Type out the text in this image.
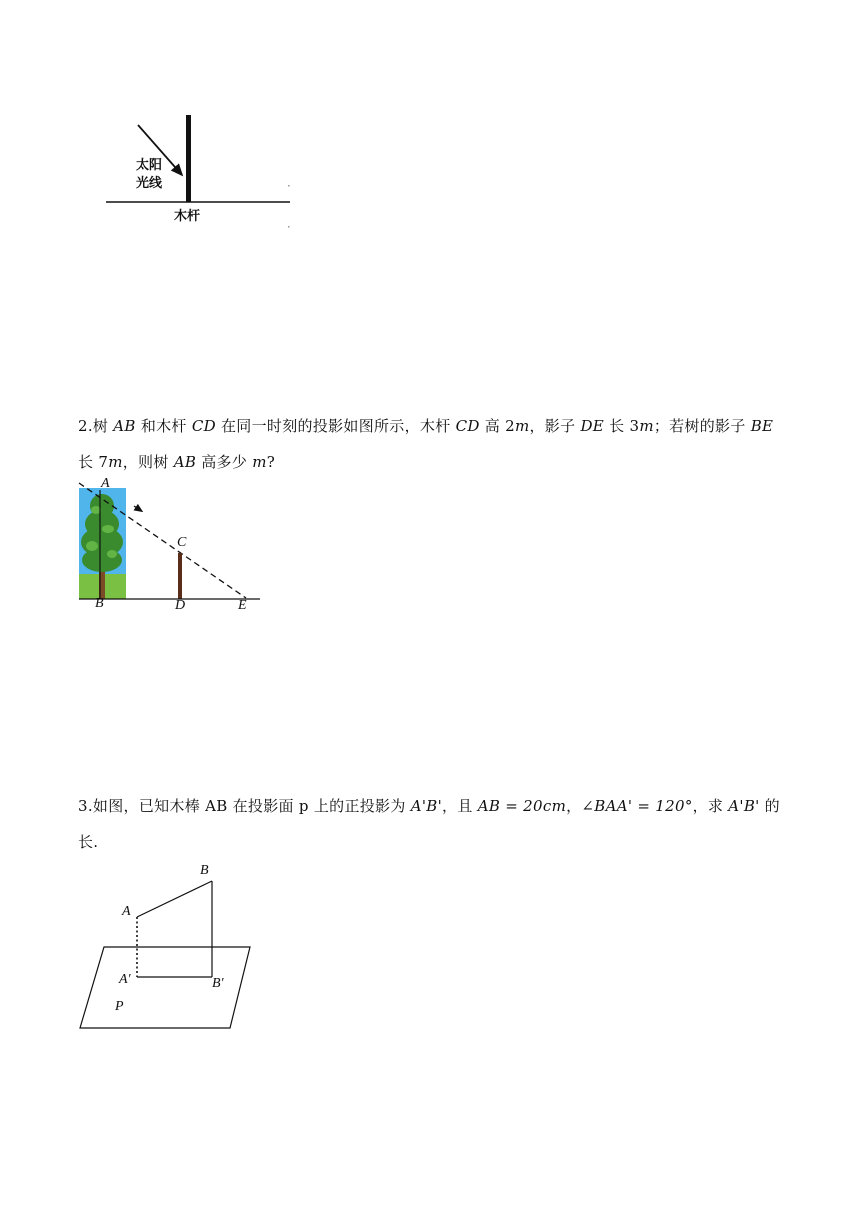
太阳
光线
木杆
2.树 AB 和木杆 CD 在同一时刻的投影如图所示，木杆 CD 高 2m，影子 DE 长 3m；若树的影子 BE
长 7m，则树 AB 高多少 m?
A
B
C
D	E
3.如图，已知木棒 AB 在投影面 p 上的正投影为 A'B'，且 AB = 20cm，∠BAA' = 120°，求 A'B' 的
长.
A
B
A′	B′
P
